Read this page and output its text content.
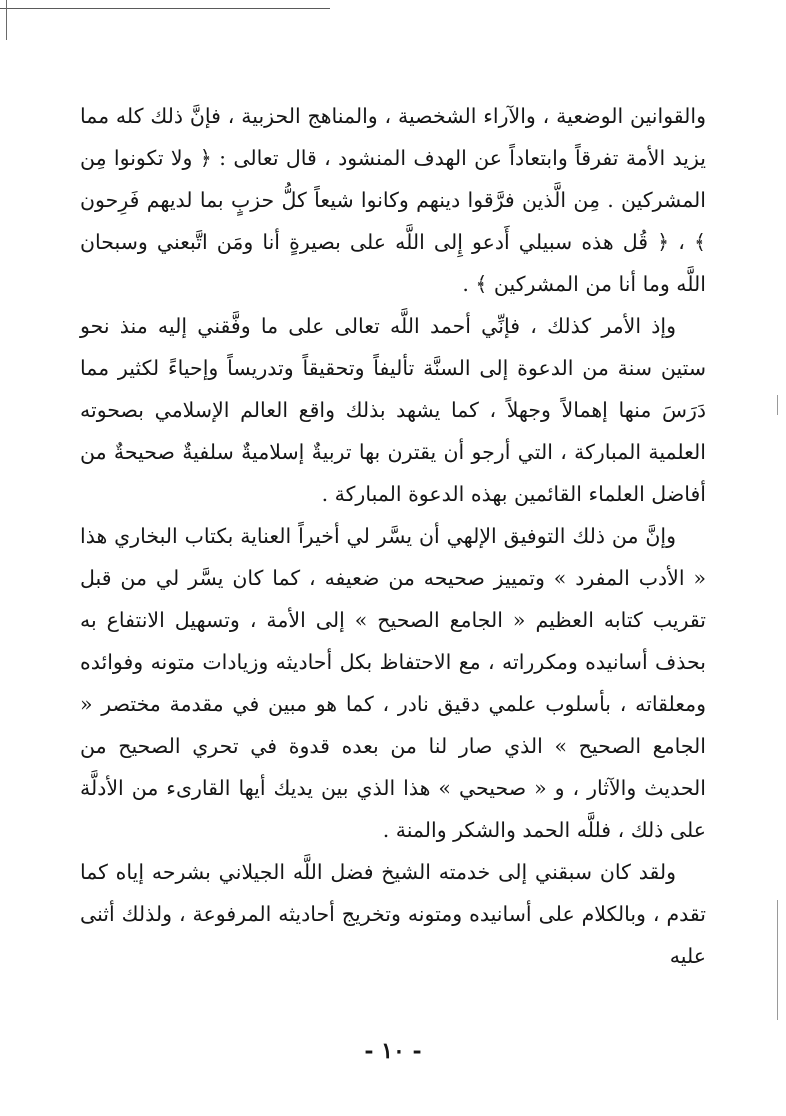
والقوانين الوضعية ، والآراء الشخصية ، والمناهج الحزبية ، فإنَّ ذلك كله مما يزيد الأمة تفرقاً وابتعاداً عن الهدف المنشود ، قال تعالى : ﴿ ولا تكونوا مِن المشركين . مِن الَّذين فرَّقوا دينهم وكانوا شيعاً كلُّ حزبٍ بما لديهم فَرِحون ﴾ ، ﴿ قُل هذه سبيلي أَدعو إِلى اللَّه على بصيرةٍ أنا ومَن اتَّبعني وسبحان اللَّه وما أنا من المشركين ﴾ .

وإذ الأمر كذلك ، فإنِّي أحمد اللَّه تعالى على ما وفَّقني إليه منذ نحو ستين سنة من الدعوة إلى السنَّة تأليفاً وتحقيقاً وتدريساً وإحياءً لكثير مما دَرَسَ منها إهمالاً وجهلاً ، كما يشهد بذلك واقع العالم الإسلامي بصحوته العلمية المباركة ، التي أرجو أن يقترن بها تربيةٌ إسلاميةٌ سلفيةٌ صحيحةٌ من أفاضل العلماء القائمين بهذه الدعوة المباركة .

وإنَّ من ذلك التوفيق الإلهي أن يسَّر لي أخيراً العناية بكتاب البخاري هذا « الأدب المفرد » وتمييز صحيحه من ضعيفه ، كما كان يسَّر لي من قبل تقريب كتابه العظيم « الجامع الصحيح » إلى الأمة ، وتسهيل الانتفاع به بحذف أسانيده ومكرراته ، مع الاحتفاظ بكل أحاديثه وزيادات متونه وفوائده ومعلقاته ، بأسلوب علمي دقيق نادر ، كما هو مبين في مقدمة مختصر « الجامع الصحيح » الذي صار لنا من بعده قدوة في تحري الصحيح من الحديث والآثار ، و « صحيحي » هذا الذي بين يديك أيها القارىء من الأدلَّة على ذلك ، فللَّه الحمد والشكر والمنة .

ولقد كان سبقني إلى خدمته الشيخ فضل اللَّه الجيلاني بشرحه إياه كما تقدم ، وبالكلام على أسانيده ومتونه وتخريج أحاديثه المرفوعة ، ولذلك أثنى عليه

- ١٠ -
